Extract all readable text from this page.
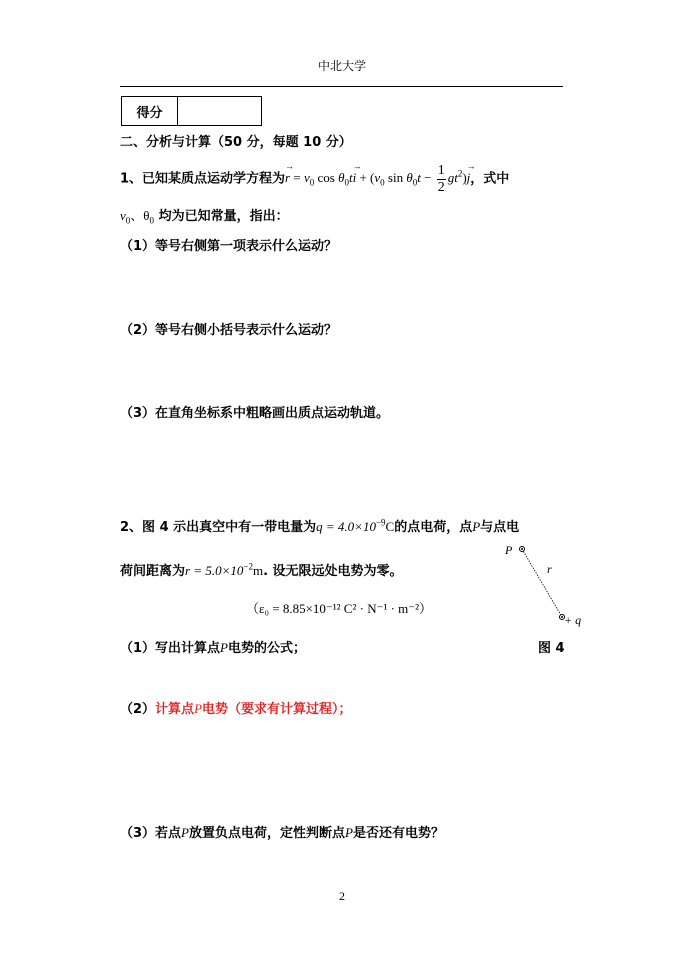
中北大学
得分
二、分析与计算（50 分，每题 10 分）
1、已知某质点运动学方程为→ $r = v_0$ $\cos \theta_0t\to i + (v_0$ $\sin \theta_0t - \frac{1}{2} gt^2)\to j$，式中
$v_0$、$\theta_0$ 均为已知常量，指出：
（1）等号右侧第一项表示什么运动？
（2）等号右侧小括号表示什么运动？
（3）在直角坐标系中粗略画出质点运动轨道。
2、图 4 示出真空中有一带电量为$q = 4.0\times 10^{-9}C$的点电荷，点P与点电
荷间距离为$r = 5.0\times 10^{-2}m$. 设无限远处电势为零。
（ε₀ = 8.85×10⁻¹² C² · N⁻¹ · m⁻²）
（1）写出计算点P电势的公式；	图 4
（2）计算点P电势（要求有计算过程）；
（3）若点P放置负点电荷，定性判断点P是否还有电势？
P
r
+ q
2
